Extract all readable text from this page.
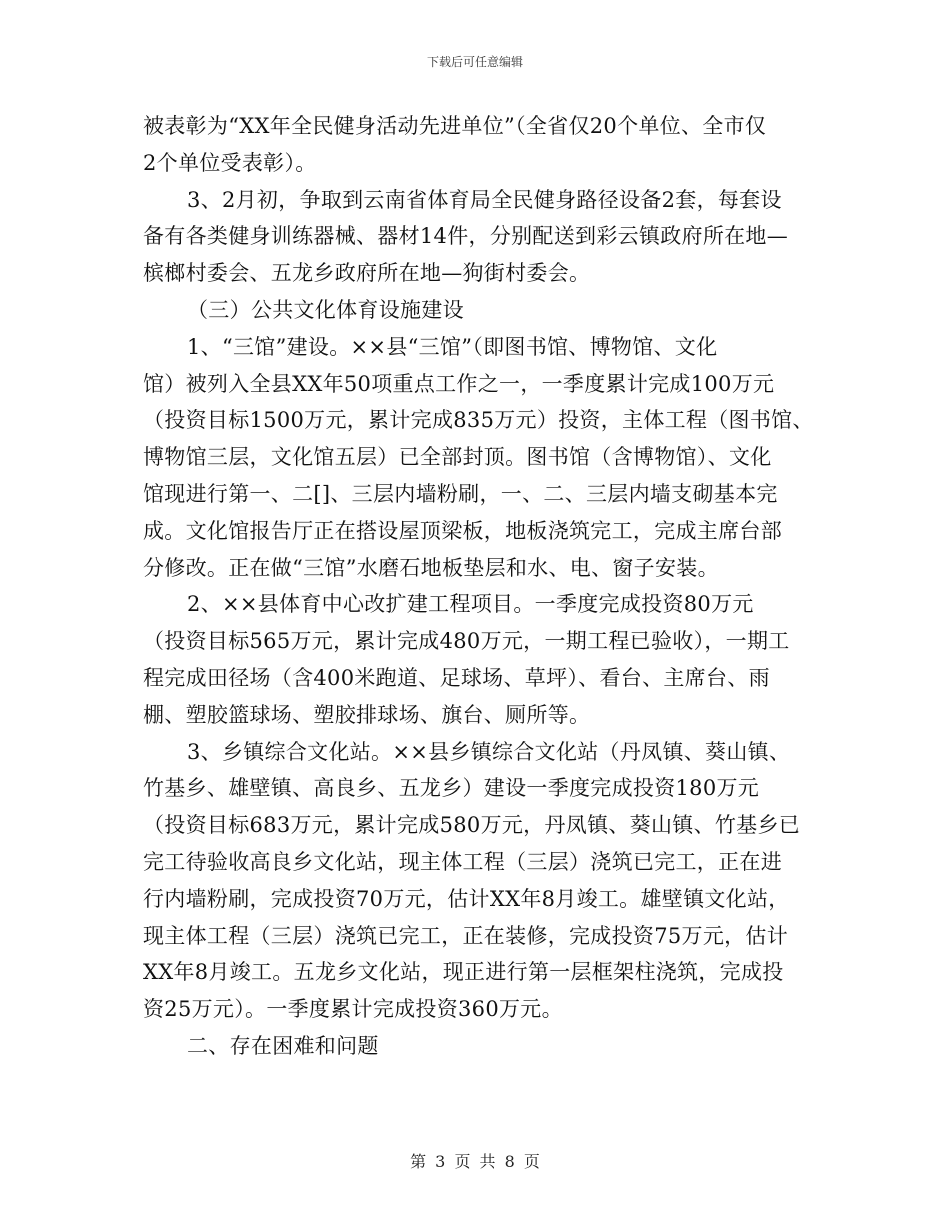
下载后可任意编辑
被表彰为“XX年全民健身活动先进单位”（全省仅20个单位、全市仅
2个单位受表彰）。
3、2月初，争取到云南省体育局全民健身路径设备2套，每套设
备有各类健身训练器械、器材14件，分别配送到彩云镇政府所在地—
槟榔村委会、五龙乡政府所在地—狗街村委会。
（三）公共文化体育设施建设
1、“三馆”建设。××县“三馆”（即图书馆、博物馆、文化
馆）被列入全县XX年50项重点工作之一，一季度累计完成100万元
（投资目标1500万元，累计完成835万元）投资，主体工程（图书馆、
博物馆三层，文化馆五层）已全部封顶。图书馆（含博物馆）、文化
馆现进行第一、二[]、三层内墙粉刷，一、二、三层内墙支砌基本完
成。文化馆报告厅正在搭设屋顶梁板，地板浇筑完工，完成主席台部
分修改。正在做“三馆”水磨石地板垫层和水、电、窗子安装。
2、××县体育中心改扩建工程项目。一季度完成投资80万元
（投资目标565万元，累计完成480万元，一期工程已验收），一期工
程完成田径场（含400米跑道、足球场、草坪）、看台、主席台、雨
棚、塑胶篮球场、塑胶排球场、旗台、厕所等。
3、乡镇综合文化站。××县乡镇综合文化站（丹凤镇、葵山镇、
竹基乡、雄壁镇、高良乡、五龙乡）建设一季度完成投资180万元
（投资目标683万元，累计完成580万元，丹凤镇、葵山镇、竹基乡已
完工待验收高良乡文化站，现主体工程（三层）浇筑已完工，正在进
行内墙粉刷，完成投资70万元，估计XX年8月竣工。雄壁镇文化站，
现主体工程（三层）浇筑已完工，正在装修，完成投资75万元，估计
XX年8月竣工。五龙乡文化站，现正进行第一层框架柱浇筑，完成投
资25万元）。一季度累计完成投资360万元。
二、存在困难和问题
第 3 页 共 8 页
